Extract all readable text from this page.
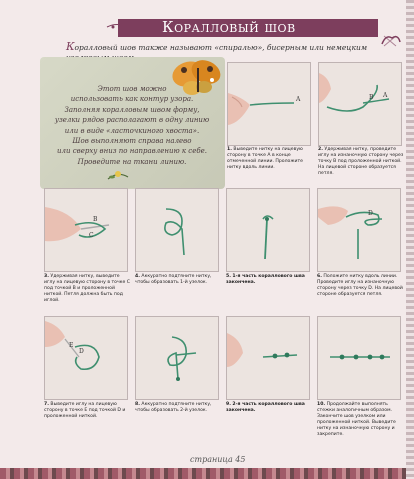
Коралловый шов
Коралловый шов также называют «спиралью», бисерным или немецким
Этот шов можно
использовать как контур узора.
Заполняя коралловым швом форму,
узелки рядов располагают в одну линию
или в виде «ласточкиного хвоста».
Шов выполняют справа налево
или сверху вниз по направлению к себе.
Проведите на ткани линию.
A	B A
1. Выведите нитку на лицевую сторону в точке А в конце отмеченной линии. Проложите нитку вдоль линии.
2. Удерживая нитку, проведите иглу на изнаночную сторону через точку B под проложенной ниткой. На лицевой стороне образуется петля.
B
C
D
3. Удерживая нитку, выведите иглу на лицевую сторону в точке C под точкой B и проложенной ниткой. Петля должна быть под иглой.
4. Аккуратно подтяните нитку, чтобы образовать 1-й узелок.
5. 1-я часть кораллового шва закончена.
6. Положите нитку вдоль линии. Проведите иглу на изнаночную сторону через точку D. На лицевой стороне образуется петля.
E
D
7. Выведите иглу на лицевую сторону в точке E под точкой D и проложенной ниткой.
8. Аккуратно подтяните нитку, чтобы образовать 2-й узелок.
9. 2-я часть кораллового шва закончена.
10. Продолжайте выполнять стежки аналогичным образом. Закончите шов узелком или проложенной ниткой. Выведите нитку на изнаночную сторону и закрепите.
страница 45
